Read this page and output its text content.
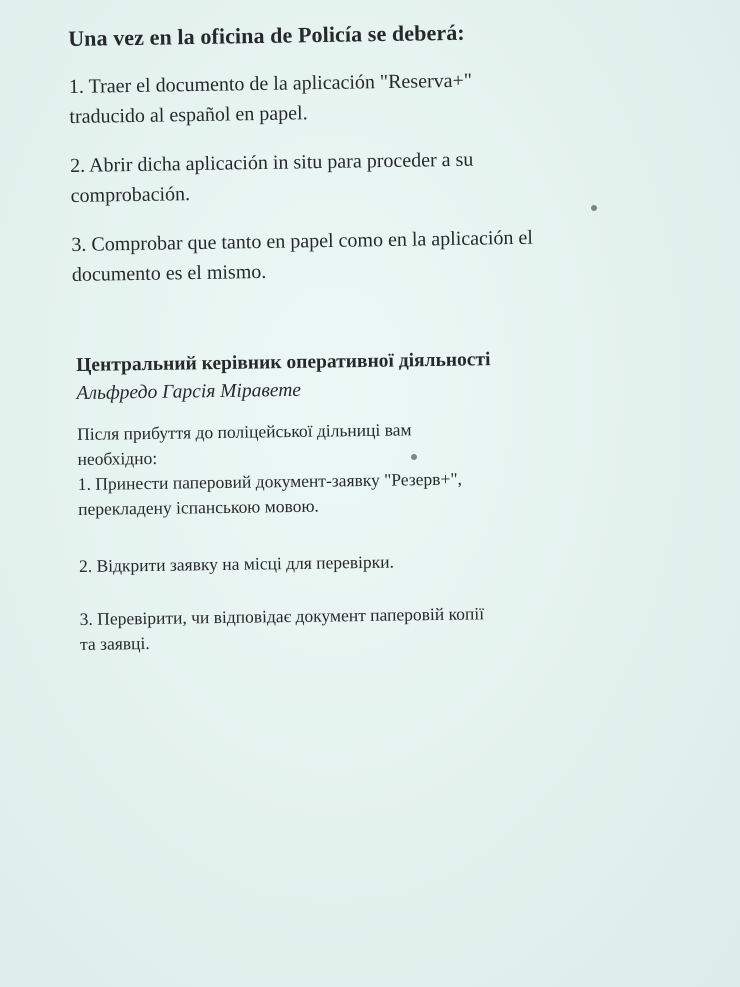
Una vez en la oficina de Policía se deberá:
1. Traer el documento de la aplicación "Reserva+"
traducido al español en papel.
2. Abrir dicha aplicación in situ para proceder a su
comprobación.
3. Comprobar que tanto en papel como en la aplicación el
documento es el mismo.
Центральний керівник оперативної діяльності
Альфредо Гарсія Міравете
Після прибуття до поліцейської дільниці вам
необхідно:
1. Принести паперовий документ-заявку "Резерв+",
перекладену іспанською мовою.
2. Відкрити заявку на місці для перевірки.
3. Перевірити, чи відповідає документ паперовій копії
та заявці.
